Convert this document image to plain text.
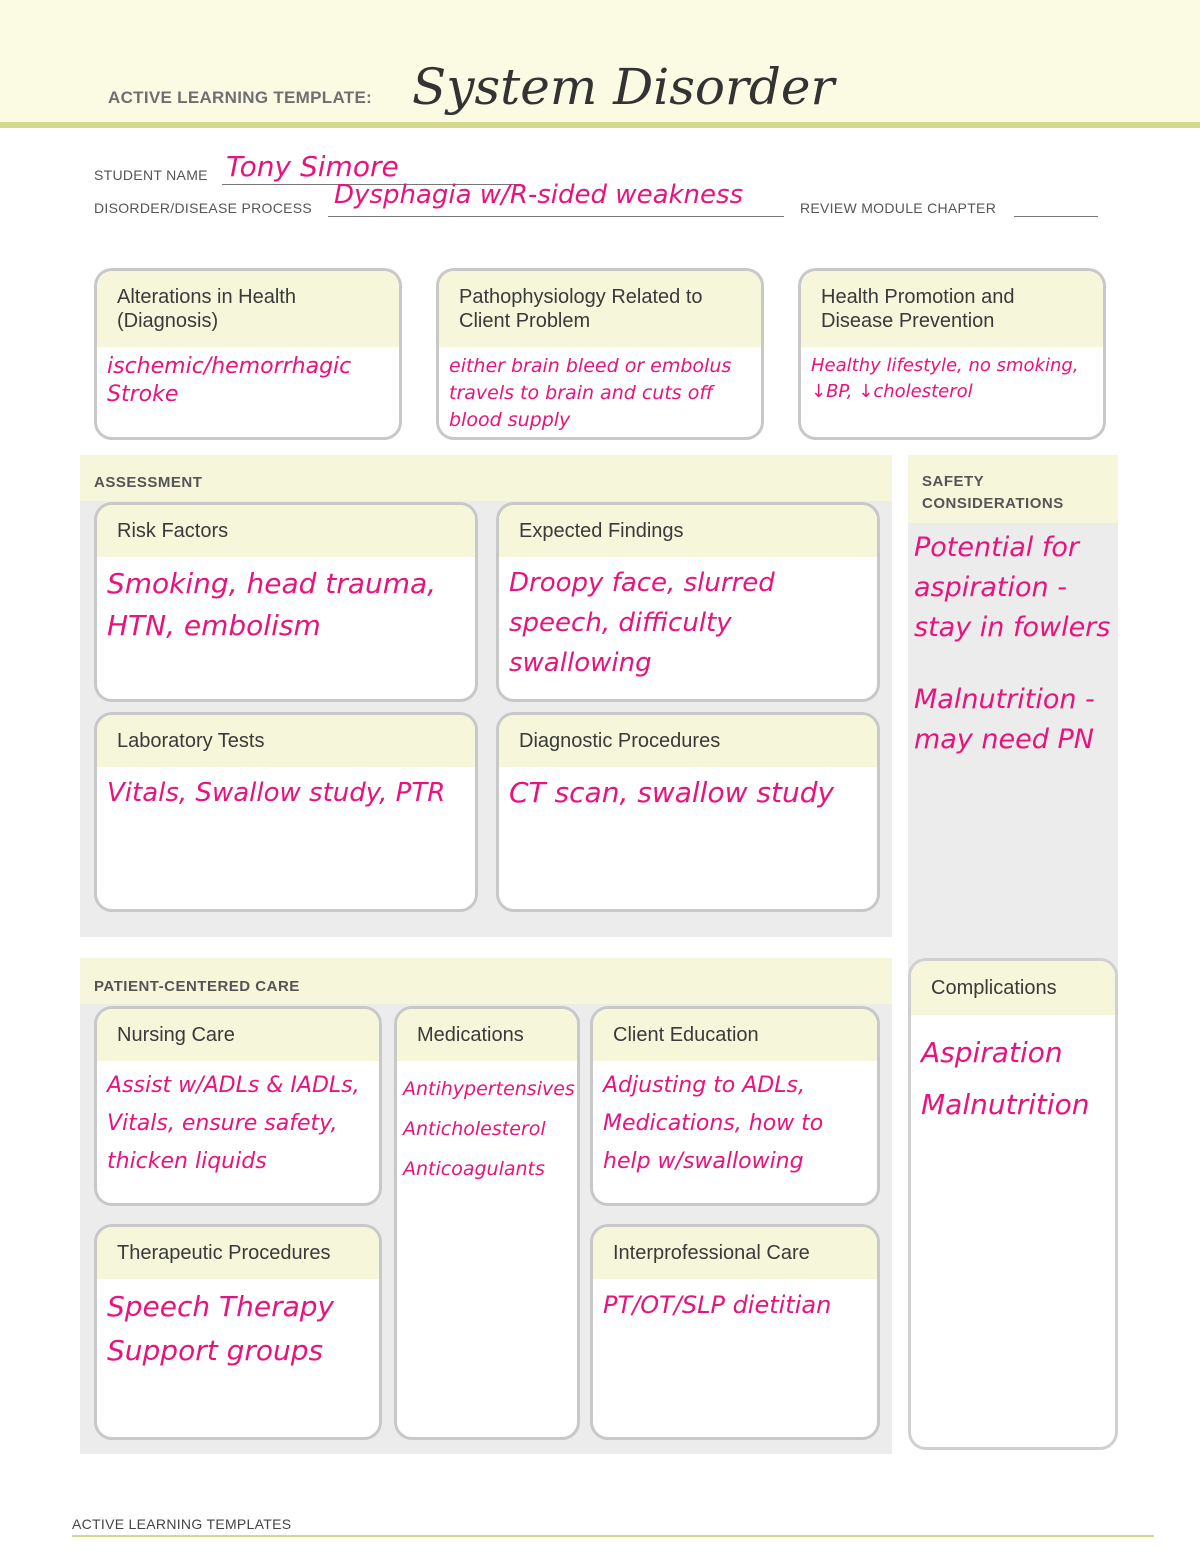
ACTIVE LEARNING TEMPLATE: System Disorder
STUDENT NAME Tony Simore
DISORDER/DISEASE PROCESS Dysphagia w/R-sided weakness	REVIEW MODULE CHAPTER
Alterations in Health (Diagnosis)
ischemic/hemorrhagic Stroke
Pathophysiology Related to Client Problem
either brain bleed or embolus travels to brain and cuts off blood supply
Health Promotion and Disease Prevention
Healthy lifestyle, no smoking, ↓BP, ↓cholesterol
ASSESSMENT
Risk Factors
Smoking, head trauma, HTN, embolism
Expected Findings
Droopy face, slurred speech, difficulty swallowing
Laboratory Tests
Vitals, Swallow study, PTR
Diagnostic Procedures
CT scan, swallow study
SAFETY CONSIDERATIONS
Potential for aspiration - stay in fowlers
Malnutrition - may need PN
PATIENT-CENTERED CARE
Nursing Care
Assist w/ADLs & IADLs, Vitals, ensure safety, thicken liquids
Medications
Antihypertensives Anticholesterol Anticoagulants
Client Education
Adjusting to ADLs, Medications, how to help w/swallowing
Therapeutic Procedures
Speech Therapy Support groups
Interprofessional Care
PT/OT/SLP dietitian
Complications
Aspiration Malnutrition
ACTIVE LEARNING TEMPLATES
